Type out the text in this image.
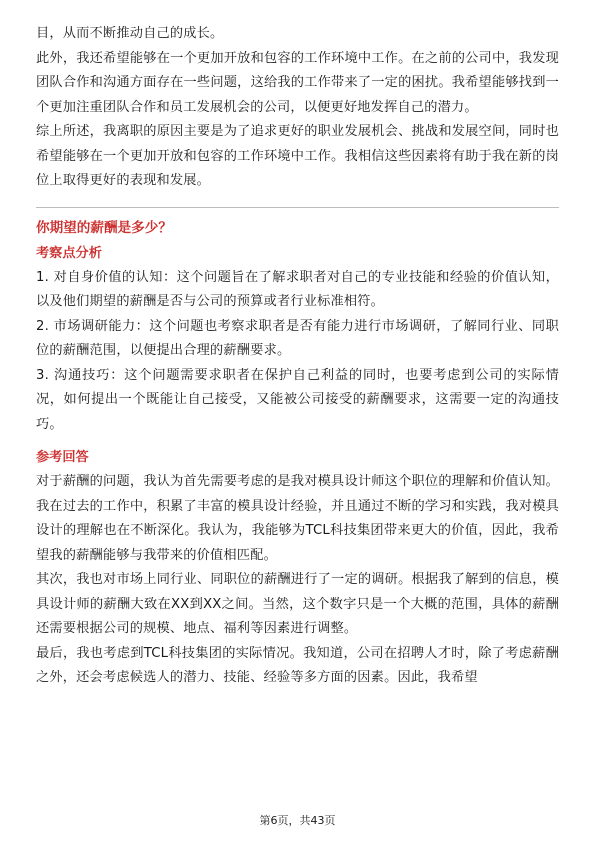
目，从而不断推动自己的成长。

此外，我还希望能够在一个更加开放和包容的工作环境中工作。在之前的公司中，我发现团队合作和沟通方面存在一些问题，这给我的工作带来了一定的困扰。我希望能够找到一个更加注重团队合作和员工发展机会的公司，以便更好地发挥自己的潜力。

综上所述，我离职的原因主要是为了追求更好的职业发展机会、挑战和发展空间，同时也希望能够在一个更加开放和包容的工作环境中工作。我相信这些因素将有助于我在新的岗位上取得更好的表现和发展。

你期望的薪酬是多少？
考察点分析

1. 对自身价值的认知：这个问题旨在了解求职者对自己的专业技能和经验的价值认知，以及他们期望的薪酬是否与公司的预算或者行业标准相符。

2. 市场调研能力：这个问题也考察求职者是否有能力进行市场调研，了解同行业、同职位的薪酬范围，以便提出合理的薪酬要求。

3. 沟通技巧：这个问题需要求职者在保护自己利益的同时，也要考虑到公司的实际情况，如何提出一个既能让自己接受，又能被公司接受的薪酬要求，这需要一定的沟通技巧。

参考回答

对于薪酬的问题，我认为首先需要考虑的是我对模具设计师这个职位的理解和价值认知。我在过去的工作中，积累了丰富的模具设计经验，并且通过不断的学习和实践，我对模具设计的理解也在不断深化。我认为，我能够为TCL科技集团带来更大的价值，因此，我希望我的薪酬能够与我带来的价值相匹配。

其次，我也对市场上同行业、同职位的薪酬进行了一定的调研。根据我了解到的信息，模具设计师的薪酬大致在XX到XX之间。当然，这个数字只是一个大概的范围，具体的薪酬还需要根据公司的规模、地点、福利等因素进行调整。

最后，我也考虑到TCL科技集团的实际情况。我知道，公司在招聘人才时，除了考虑薪酬之外，还会考虑候选人的潜力、技能、经验等多方面的因素。因此，我希望

第6页，共43页
